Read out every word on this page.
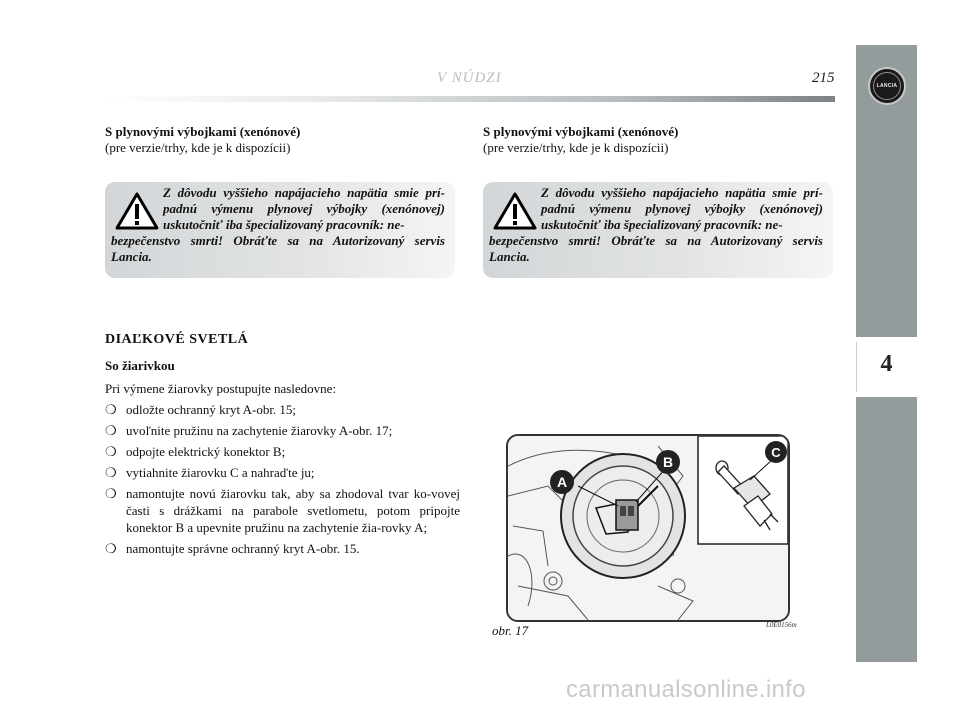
V NÚDZI	215
4
LANCIA
S plynovými výbojkami (xenónové)
(pre verzie/trhy, kde je k dispozícii)
Z dôvodu vyššieho napájacieho napätia smie prí-padnú výmenu plynovej výbojky (xenónovej) uskutočniť iba špecializovaný pracovník: ne-
bezpečenstvo smrti! Obráťte sa na Autorizovaný servis Lancia.
S plynovými výbojkami (xenónové)
(pre verzie/trhy, kde je k dispozícii)
Z dôvodu vyššieho napájacieho napätia smie prí-padnú výmenu plynovej výbojky (xenónovej) uskutočniť iba špecializovaný pracovník: ne-
bezpečenstvo smrti! Obráťte sa na Autorizovaný servis Lancia.
DIAĽKOVÉ SVETLÁ
So žiarivkou
Pri výmene žiarovky postupujte nasledovne:
❍ odložte ochranný kryt A-obr. 15;
❍ uvoľnite pružinu na zachytenie žiarovky A-obr. 17;
❍ odpojte elektrický konektor B;
❍ vytiahnite žiarovku C a nahraďte ju;
❍ namontujte novú žiarovku tak, aby sa zhodoval tvar ko-vovej časti s drážkami na parabole svetlometu, potom pripojte konektor B a upevnite pružinu na zachytenie žia-rovky A;
❍ namontujte správne ochranný kryt A-obr. 15.
A
B
C
obr. 17	L0E0156m
carmanualsonline.info
